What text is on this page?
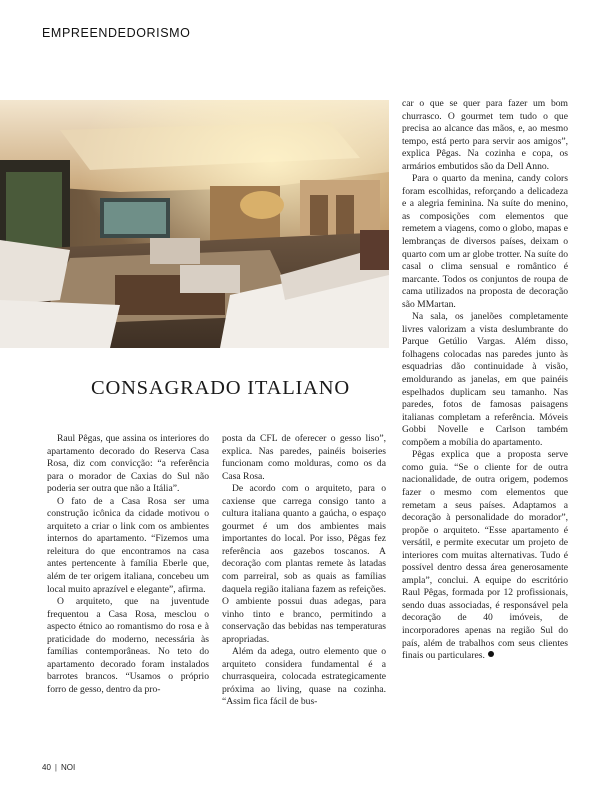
EMPREENDEDORISMO
CONSAGRADO ITALIANO

Raul Pêgas, que assina os interiores do apartamento decorado do Reserva Casa Rosa, diz com convicção: “a referência para o morador de Caxias do Sul não poderia ser outra que não a Itália”.

O fato de a Casa Rosa ser uma construção icônica da cidade motivou o arquiteto a criar o link com os ambientes internos do apartamento. “Fizemos uma releitura do que encontramos na casa antes pertencente à família Eberle que, além de ter origem italiana, concebeu um local muito aprazível e elegante”, afirma.

O arquiteto, que na juventude frequentou a Casa Rosa, mesclou o aspecto étnico ao romantismo do rosa e à praticidade do moderno, necessária às famílias contemporâneas. No teto do apartamento decorado foram instalados barrotes brancos. “Usamos o próprio forro de gesso, dentro da pro-

posta da CFL de oferecer o gesso liso”, explica. Nas paredes, painéis boiseries funcionam como molduras, como os da Casa Rosa.

De acordo com o arquiteto, para o caxiense que carrega consigo tanto a cultura italiana quanto a gaúcha, o espaço gourmet é um dos ambientes mais importantes do local. Por isso, Pêgas fez referência aos gazebos toscanos. A decoração com plantas remete às latadas com parreiral, sob as quais as famílias daquela região italiana fazem as refeições. O ambiente possui duas adegas, para vinho tinto e branco, permitindo a conservação das bebidas nas temperaturas apropriadas.

Além da adega, outro elemento que o arquiteto considera fundamental é a churrasqueira, colocada estrategicamente próxima ao living, quase na cozinha. “Assim fica fácil de bus-

car o que se quer para fazer um bom churrasco. O gourmet tem tudo o que precisa ao alcance das mãos, e, ao mesmo tempo, está perto para servir aos amigos”, explica Pêgas. Na cozinha e copa, os armários embutidos são da Dell Anno.

Para o quarto da menina, candy colors foram escolhidas, reforçando a delicadeza e a alegria feminina. Na suíte do menino, as composições com elementos que remetem a viagens, como o globo, mapas e lembranças de diversos países, deixam o quarto com um ar globe trotter. Na suíte do casal o clima sensual e romântico é marcante. Todos os conjuntos de roupa de cama utilizados na proposta de decoração são MMartan.

Na sala, os janelões completamente livres valorizam a vista deslumbrante do Parque Getúlio Vargas. Além disso, folhagens colocadas nas paredes junto às esquadrias dão continuidade à visão, emoldurando as janelas, em que painéis espelhados duplicam seu tamanho. Nas paredes, fotos de famosas paisagens italianas completam a referência. Móveis Gobbi Novelle e Carlson também compõem a mobília do apartamento.

Pêgas explica que a proposta serve como guia. “Se o cliente for de outra nacionalidade, de outra origem, podemos fazer o mesmo com elementos que remetam a seus países. Adaptamos a decoração à personalidade do morador”, propõe o arquiteto. “Esse apartamento é versátil, e permite executar um projeto de interiores com muitas alternativas. Tudo é possível dentro dessa área generosamente ampla”, conclui. A equipe do escritório Raul Pêgas, formada por 12 profissionais, sendo duas associadas, é responsável pela decoração de 40 imóveis, de incorporadores apenas na região Sul do país, além de trabalhos com seus clientes finais ou particulares.

40 | NOI
